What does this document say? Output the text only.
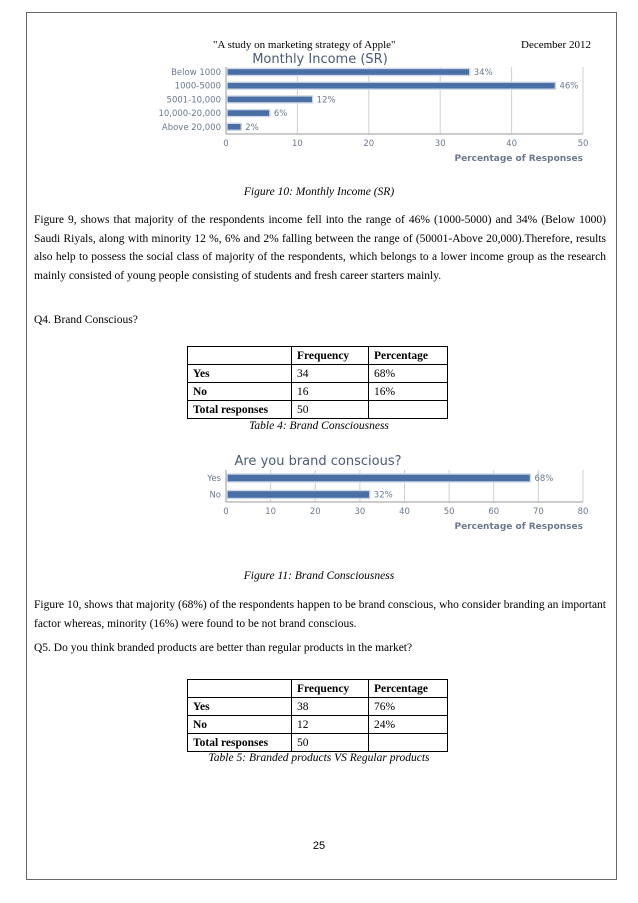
"A study on marketing strategy of Apple"	December 2012
Monthly Income (SR)
0	10	20	30	40	50
Below 1000	34%
1000-5000	46%
5001-10,000	12%
10,000-20,000	6%
Above 20,000	2%
Percentage of Responses
Figure 10: Monthly Income (SR)
Figure 9, shows that majority of the respondents income fell into the range of 46% (1000-5000) and 34% (Below 1000) Saudi Riyals, along with minority 12 %, 6% and 2% falling between the range of (50001-Above 20,000).Therefore, results also help to possess the social class of majority of the respondents, which belongs to a lower income group as the research mainly consisted of young people consisting of students and fresh career starters mainly.
Q4. Brand Conscious?
	Frequency	Percentage
Yes	34	68%
No	16	16%
Total responses	50	
Table 4: Brand Consciousness
Are you brand conscious?
0	10	20	30	40	50	60	70	80
Yes	68%
No	32%
Percentage of Responses
Figure 11: Brand Consciousness
Figure 10, shows that majority (68%) of the respondents happen to be brand conscious, who consider branding an important factor whereas, minority (16%) were found to be not brand conscious.
Q5. Do you think branded products are better than regular products in the market?
	Frequency	Percentage
Yes	38	76%
No	12	24%
Total responses	50	
Table 5: Branded products VS Regular products
25
